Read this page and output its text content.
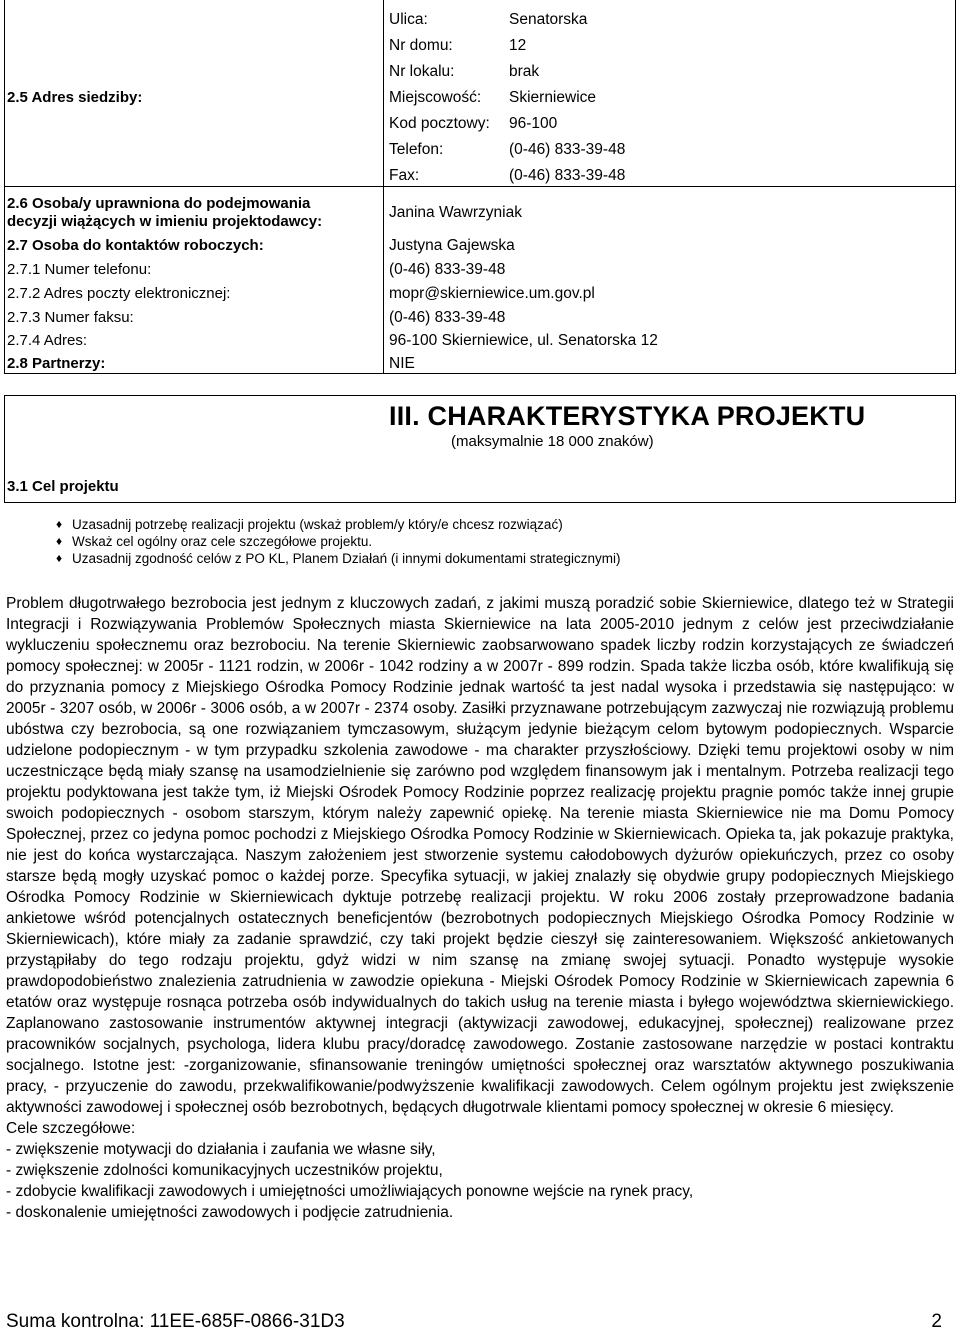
2.5 Adres siedziby:
Ulica:	Senatorska
Nr domu:	12
Nr lokalu:	brak
Miejscowość: Skierniewice
Kod pocztowy: 96-100
Telefon:	(0-46) 833-39-48
Fax:	(0-46) 833-39-48
2.6 Osoba/y uprawniona do podejmowania
decyzji wiążących w imieniu projektodawcy:
Janina Wawrzyniak
2.7 Osoba do kontaktów roboczych:	Justyna Gajewska
2.7.1 Numer telefonu:	(0-46) 833-39-48
2.7.2 Adres poczty elektronicznej:	mopr@skierniewice.um.gov.pl
2.7.3 Numer faksu:	(0-46) 833-39-48
2.7.4 Adres:	96-100 Skierniewice, ul. Senatorska 12
2.8 Partnerzy:	NIE
III. CHARAKTERYSTYKA PROJEKTU
(maksymalnie 18 000 znaków)
3.1 Cel projektu
♦ Uzasadnij potrzebę realizacji projektu (wskaż problem/y który/e chcesz rozwiązać)
♦ Wskaż cel ogólny oraz cele szczegółowe projektu.
♦ Uzasadnij zgodność celów z PO KL, Planem Działań (i innymi dokumentami strategicznymi)

Problem długotrwałego bezrobocia jest jednym z kluczowych zadań, z jakimi muszą poradzić sobie Skierniewice, dlatego też w Strategii Integracji i Rozwiązywania Problemów Społecznych miasta Skierniewice na lata 2005-2010 jednym z celów jest przeciwdziałanie wykluczeniu społecznemu oraz bezrobociu. Na terenie Skierniewic zaobsarwowano spadek liczby rodzin korzystających ze świadczeń pomocy społecznej: w 2005r - 1121 rodzin, w 2006r - 1042 rodziny a w 2007r - 899 rodzin. Spada także liczba osób, które kwalifikują się do przyznania pomocy z Miejskiego Ośrodka Pomocy Rodzinie jednak wartość ta jest nadal wysoka i przedstawia się następująco: w 2005r - 3207 osób, w 2006r - 3006 osób, a w 2007r - 2374 osoby. Zasiłki przyznawane potrzebującym zazwyczaj nie rozwiązują problemu ubóstwa czy bezrobocia, są one rozwiązaniem tymczasowym, służącym jedynie bieżącym celom bytowym podopiecznych. Wsparcie udzielone podopiecznym - w tym przypadku szkolenia zawodowe - ma charakter przyszłościowy. Dzięki temu projektowi osoby w nim uczestniczące będą miały szansę na usamodzielnienie się zarówno pod względem finansowym jak i mentalnym. Potrzeba realizacji tego projektu podyktowana jest także tym, iż Miejski Ośrodek Pomocy Rodzinie poprzez realizację projektu pragnie pomóc także innej grupie swoich podopiecznych - osobom starszym, którym należy zapewnić opiekę. Na terenie miasta Skierniewice nie ma Domu Pomocy Społecznej, przez co jedyna pomoc pochodzi z Miejskiego Ośrodka Pomocy Rodzinie w Skierniewicach. Opieka ta, jak pokazuje praktyka, nie jest do końca wystarczająca. Naszym założeniem jest stworzenie systemu całodobowych dyżurów opiekuńczych, przez co osoby starsze będą mogły uzyskać pomoc o każdej porze. Specyfika sytuacji, w jakiej znalazły się obydwie grupy podopiecznych Miejskiego Ośrodka Pomocy Rodzinie w Skierniewicach dyktuje potrzebę realizacji projektu. W roku 2006 zostały przeprowadzone badania ankietowe wśród potencjalnych ostatecznych beneficjentów (bezrobotnych podopiecznych Miejskiego Ośrodka Pomocy Rodzinie w Skierniewicach), które miały za zadanie sprawdzić, czy taki projekt będzie cieszył się zainteresowaniem. Większość ankietowanych przystąpiłaby do tego rodzaju projektu, gdyż widzi w nim szansę na zmianę swojej sytuacji. Ponadto występuje wysokie prawdopodobieństwo znalezienia zatrudnienia w zawodzie opiekuna - Miejski Ośrodek Pomocy Rodzinie w Skierniewicach zapewnia 6 etatów oraz występuje rosnąca potrzeba osób indywidualnych do takich usług na terenie miasta i byłego województwa skierniewickiego. Zaplanowano zastosowanie instrumentów aktywnej integracji (aktywizacji zawodowej, edukacyjnej, społecznej) realizowane przez pracowników socjalnych, psychologa, lidera klubu pracy/doradcę zawodowego. Zostanie zastosowane narzędzie w postaci kontraktu socjalnego. Istotne jest: -zorganizowanie, sfinansowanie treningów umiętności społecznej oraz warsztatów aktywnego poszukiwania pracy, - przyuczenie do zawodu, przekwalifikowanie/podwyższenie kwalifikacji zawodowych. Celem ogólnym projektu jest zwiększenie aktywności zawodowej i społecznej osób bezrobotnych, będących długotrwale klientami pomocy społecznej w okresie 6 miesięcy.

Cele szczegółowe:
- zwiększenie motywacji do działania i zaufania we własne siły,
- zwiększenie zdolności komunikacyjnych uczestników projektu,
- zdobycie kwalifikacji zawodowych i umiejętności umożliwiających ponowne wejście na rynek pracy,
- doskonalenie umiejętności zawodowych i podjęcie zatrudnienia.

Suma kontrolna: 11EE-685F-0866-31D3	2
